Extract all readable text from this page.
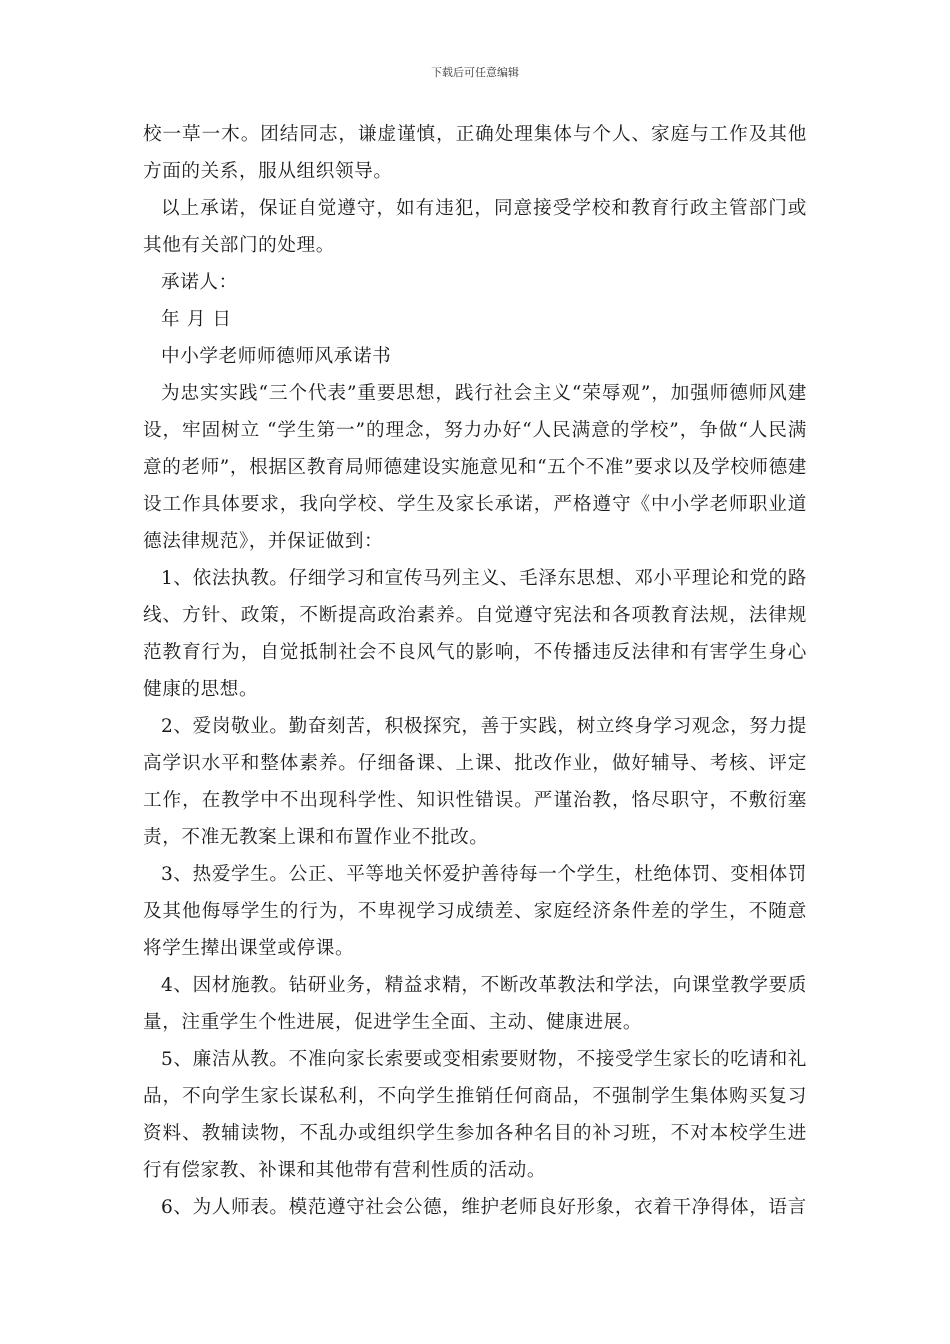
下载后可任意编辑

校一草一木。团结同志，谦虚谨慎，正确处理集体与个人、家庭与工作及其他方面的关系，服从组织领导。

以上承诺，保证自觉遵守，如有违犯，同意接受学校和教育行政主管部门或其他有关部门的处理。

承诺人：

年 月 日

中小学老师师德师风承诺书

为忠实实践“三个代表”重要思想，践行社会主义“荣辱观”，加强师德师风建设，牢固树立 “学生第一”的理念，努力办好“人民满意的学校”，争做“人民满意的老师”，根据区教育局师德建设实施意见和“五个不准”要求以及学校师德建设工作具体要求，我向学校、学生及家长承诺，严格遵守《中小学老师职业道德法律规范》，并保证做到：

1、依法执教。仔细学习和宣传马列主义、毛泽东思想、邓小平理论和党的路线、方针、政策，不断提高政治素养。自觉遵守宪法和各项教育法规，法律规范教育行为，自觉抵制社会不良风气的影响，不传播违反法律和有害学生身心健康的思想。

2、爱岗敬业。勤奋刻苦，积极探究，善于实践，树立终身学习观念，努力提高学识水平和整体素养。仔细备课、上课、批改作业，做好辅导、考核、评定工作，在教学中不出现科学性、知识性错误。严谨治教，恪尽职守，不敷衍塞责，不准无教案上课和布置作业不批改。

3、热爱学生。公正、平等地关怀爱护善待每一个学生，杜绝体罚、变相体罚及其他侮辱学生的行为，不卑视学习成绩差、家庭经济条件差的学生，不随意将学生撵出课堂或停课。

4、因材施教。钻研业务，精益求精，不断改革教法和学法，向课堂教学要质量，注重学生个性进展，促进学生全面、主动、健康进展。

5、廉洁从教。不准向家长索要或变相索要财物，不接受学生家长的吃请和礼品，不向学生家长谋私利，不向学生推销任何商品，不强制学生集体购买复习资料、教辅读物，不乱办或组织学生参加各种名目的补习班，不对本校学生进行有偿家教、补课和其他带有营利性质的活动。

6、为人师表。模范遵守社会公德，维护老师良好形象，衣着干净得体，语言
